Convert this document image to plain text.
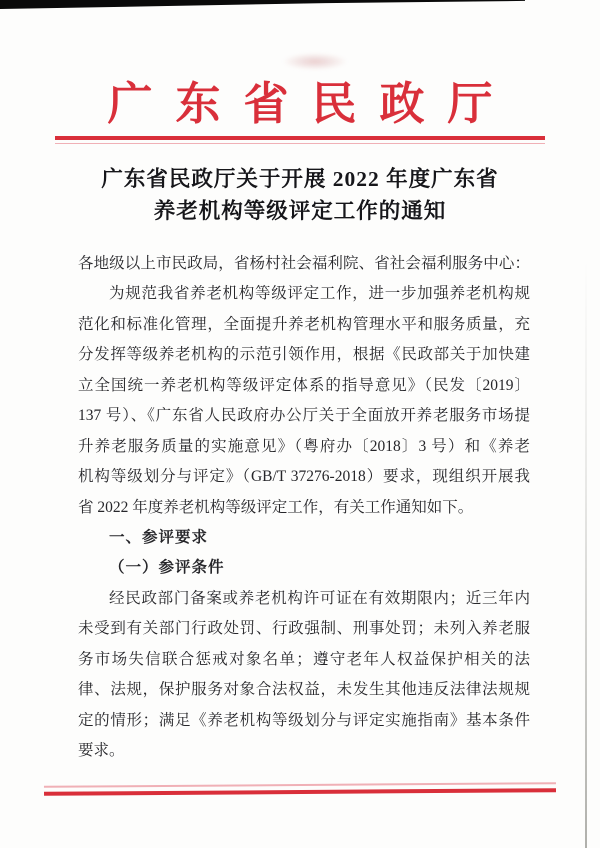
广东省民政厅
广东省民政厅关于开展 2022 年度广东省
养老机构等级评定工作的通知
各地级以上市民政局，省杨村社会福利院、省社会福利服务中心：
为规范我省养老机构等级评定工作，进一步加强养老机构规
范化和标准化管理，全面提升养老机构管理水平和服务质量，充
分发挥等级养老机构的示范引领作用，根据《民政部关于加快建
立全国统一养老机构等级评定体系的指导意见》（民发〔2019〕
137 号）、《广东省人民政府办公厅关于全面放开养老服务市场提
升养老服务质量的实施意见》（粤府办〔2018〕3 号）和《养老
机构等级划分与评定》（GB/T 37276-2018）要求，现组织开展我
省 2022 年度养老机构等级评定工作，有关工作通知如下。
一、参评要求
（一）参评条件
经民政部门备案或养老机构许可证在有效期限内；近三年内
未受到有关部门行政处罚、行政强制、刑事处罚；未列入养老服
务市场失信联合惩戒对象名单；遵守老年人权益保护相关的法
律、法规，保护服务对象合法权益，未发生其他违反法律法规规
定的情形；满足《养老机构等级划分与评定实施指南》基本条件
要求。
